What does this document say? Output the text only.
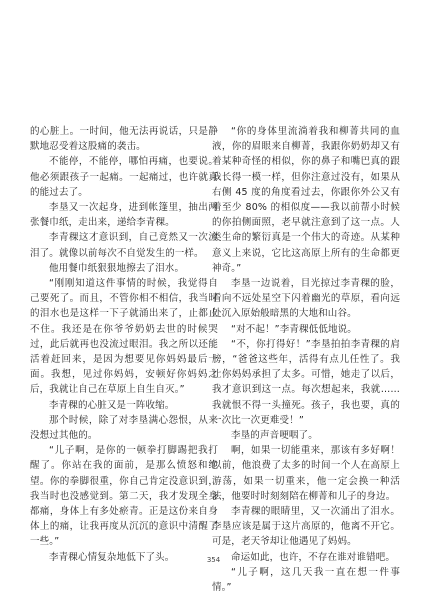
的心脏上。一时间，他无法再说话，只是静默地忍受着这股痛的袭击。

不能停，不能停，哪怕再痛，也要说。他必须跟孩子一起痛。一起痛过，也许就真的能过去了。

李垦又一次起身，进到帐篷里，抽出两张餐巾纸，走出来，递给李青稞。

李青稞这才意识到，自己竟然又一次流泪了。就像以前每次不自觉发生的一样。

他用餐巾纸狠狠地擦去了泪水。

“刚刚知道这件事情的时候，我觉得自己要死了。而且，不管你相不相信，我当时的泪水也是这样一下子就涌出来了，止都止不住。我还是在你爷爷奶奶去世的时候哭过，此后就再也没流过眼泪。我之所以还能活着赶回来，是因为想要见你妈妈最后一面。我想，见过你妈妈，安顿好你妈妈之后，我就让自己在草原上自生自灭。”

李青稞的心脏又是一阵收缩。

那个时候，除了对李垦满心怨恨，从来没想过其他的。

“儿子啊，是你的一顿拳打脚踢把我打醒了。你站在我的面前，是那么愤怒和绝望。你的拳脚很重，你自己肯定没意识到，我当时也没感觉到。第二天，我才发现全身都痛，身体上有多处瘀青。正是这份来自身体上的痛，让我再度从沉沉的意识中清醒了一些。”

李青稞心情复杂地低下了头。

“你的身体里流淌着我和柳菁共同的血液，你的眉眼来自柳菁，我跟你奶奶却又有着某种奇怪的相似，你的鼻子和嘴巴真的跟我长得一模一样，但你注意过没有，如果从右侧 45 度的角度看过去，你跟你外公又有着至少 80% 的相似度——我以前帮小时候的你拍侧面照，老早就注意到了这一点。人类生命的繁衍真是一个伟大的奇迹。从某种意义上来说，它比这高原上所有的生命都更神奇。”

李垦一边说着，目光掠过李青稞的脸，看向不远处星空下闪着幽光的草原，看向远处沉入原始般暗黑的大地和山谷。

“对不起！”李青稞低低地说。

“不，你打得好！”李垦拍拍李青稞的肩膀，“爸爸这些年，活得有点儿任性了。我让你妈妈承担了太多。可惜，她走了以后，我才意识到这一点。每次想起来，我就……我就恨不得一头撞死。孩子，我也要，真的一次比一次更难受！”

李垦的声音哽咽了。

啊，如果一切能重来，那该有多好啊！以前，他浪费了太多的时间一个人在高原上游荡，如果一切重来，他一定会换一种活法，他要时时刻刻陪在柳菁和儿子的身边。

李青稞的眼睛里，又一次涌出了泪水。李垦应该是属于这片高原的，他离不开它。可是，老天爷却让他遇见了妈妈。

命运如此，也许，不存在谁对谁错吧。

“儿子啊，这几天我一直在想一件事情。”

354
